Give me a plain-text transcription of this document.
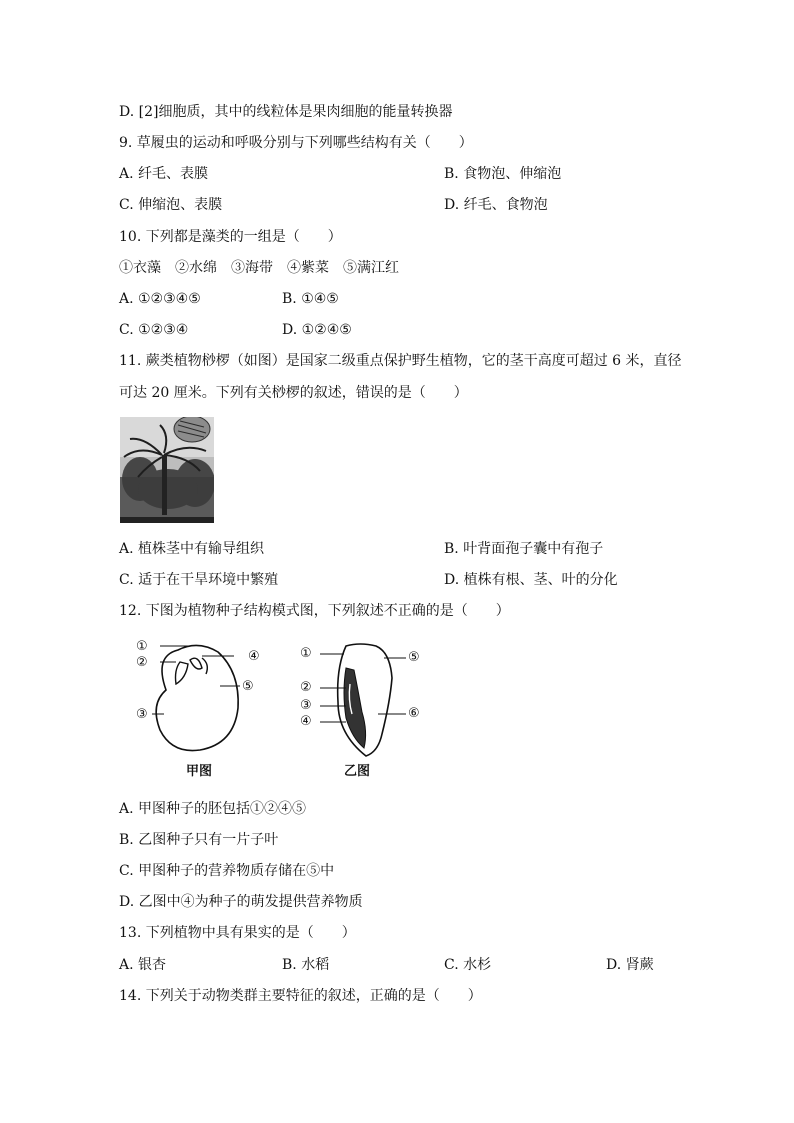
D. [2]细胞质，其中的线粒体是果肉细胞的能量转换器
9. 草履虫的运动和呼吸分别与下列哪些结构有关（　　）
A. 纤毛、表膜	B. 食物泡、伸缩泡
C. 伸缩泡、表膜	D. 纤毛、食物泡
10. 下列都是藻类的一组是（　　）
①衣藻　②水绵　③海带　④紫菜　⑤满江红
A. ①②③④⑤	B. ①④⑤
C. ①②③④	D. ①②④⑤
11. 蕨类植物桫椤（如图）是国家二级重点保护野生植物，它的茎干高度可超过 6 米，直径
可达 20 厘米。下列有关桫椤的叙述，错误的是（　　）
A. 植株茎中有输导组织	B. 叶背面孢子囊中有孢子
C. 适于在干旱环境中繁殖	D. 植株有根、茎、叶的分化
12. 下图为植物种子结构模式图，下列叙述不正确的是（　　）
①
②
③
④
⑤
甲图
①
②
③
④
⑤
⑥
乙图
A. 甲图种子的胚包括①②④⑤
B. 乙图种子只有一片子叶
C. 甲图种子的营养物质存储在⑤中
D. 乙图中④为种子的萌发提供营养物质
13. 下列植物中具有果实的是（　　）
A. 银杏	B. 水稻	C. 水杉	D. 肾蕨
14. 下列关于动物类群主要特征的叙述，正确的是（　　）
